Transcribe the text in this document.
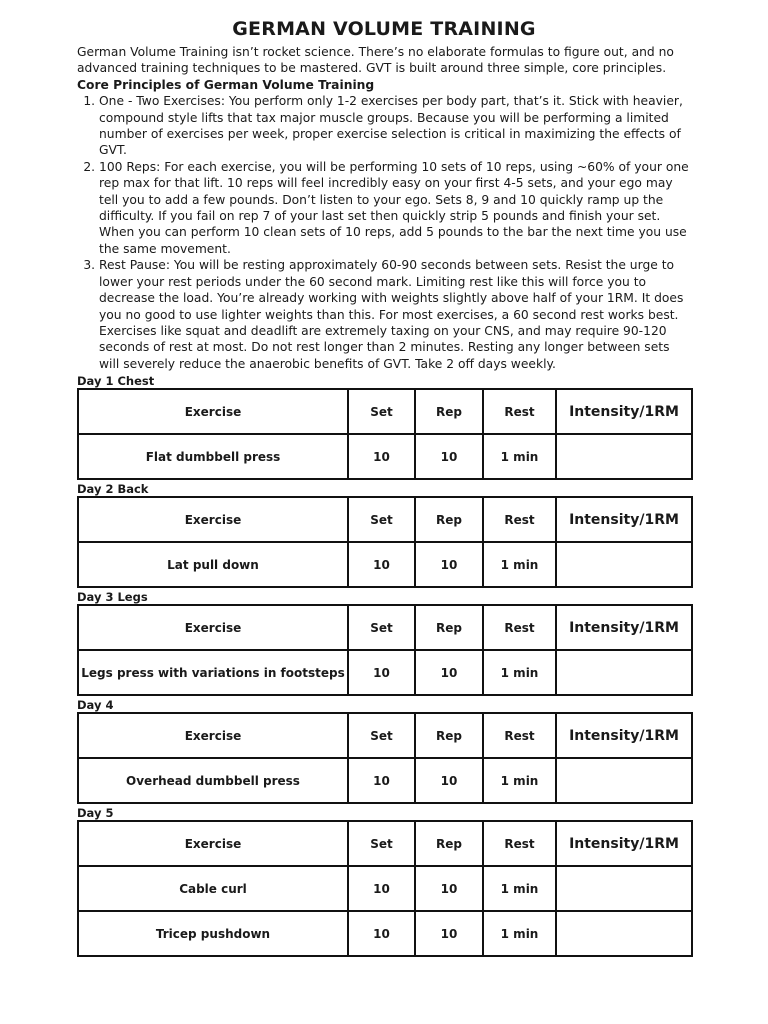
GERMAN VOLUME TRAINING

German Volume Training isn’t rocket science. There’s no elaborate formulas to figure out, and no advanced training techniques to be mastered. GVT is built around three simple, core principles.

Core Principles of German Volume Training

1. One - Two Exercises: You perform only 1-2 exercises per body part, that’s it. Stick with heavier, compound style lifts that tax major muscle groups. Because you will be performing a limited number of exercises per week, proper exercise selection is critical in maximizing the effects of GVT.
2. 100 Reps: For each exercise, you will be performing 10 sets of 10 reps, using ~60% of your one rep max for that lift. 10 reps will feel incredibly easy on your first 4-5 sets, and your ego may tell you to add a few pounds. Don’t listen to your ego. Sets 8, 9 and 10 quickly ramp up the difficulty. If you fail on rep 7 of your last set then quickly strip 5 pounds and finish your set. When you can perform 10 clean sets of 10 reps, add 5 pounds to the bar the next time you use the same movement.
3. Rest Pause: You will be resting approximately 60-90 seconds between sets. Resist the urge to lower your rest periods under the 60 second mark. Limiting rest like this will force you to decrease the load. You’re already working with weights slightly above half of your 1RM. It does you no good to use lighter weights than this. For most exercises, a 60 second rest works best. Exercises like squat and deadlift are extremely taxing on your CNS, and may require 90-120 seconds of rest at most. Do not rest longer than 2 minutes. Resting any longer between sets will severely reduce the anaerobic benefits of GVT. Take 2 off days weekly.
Day 1 Chest
Exercise	Set	Rep	Rest	Intensity/1RM
Flat dumbbell press	10	10	1 min	
Day 2 Back
Exercise	Set	Rep	Rest	Intensity/1RM
Lat pull down	10	10	1 min	
Day 3 Legs
Exercise	Set	Rep	Rest	Intensity/1RM
Legs press with variations in footsteps	10	10	1 min	
Day 4
Exercise	Set	Rep	Rest	Intensity/1RM
Overhead dumbbell press	10	10	1 min	
Day 5
Exercise	Set	Rep	Rest	Intensity/1RM
Cable curl	10	10	1 min	
Tricep pushdown	10	10	1 min	
